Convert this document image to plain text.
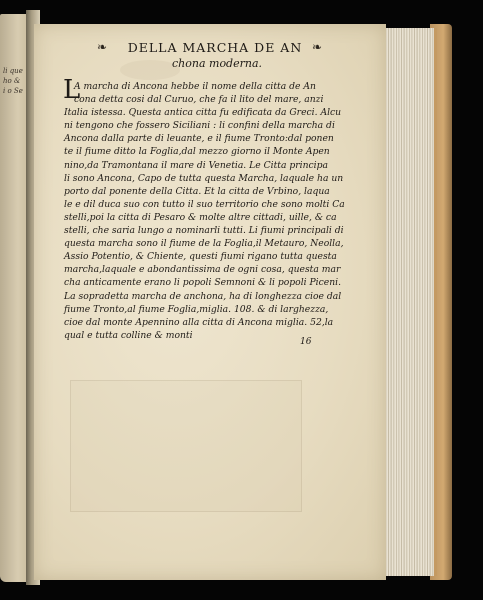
li que
ho &
i o Se
❧	DELLA MARCHA DE AN ❧
chona moderna.
L
A marcha di Ancona hebbe il nome della citta de An
cona detta cosi dal Curuo, che fa il lito del mare, anzi
Italia istessa. Questa antica citta fu edificata da Greci. Alcu
ni tengono che fossero Siciliani : li confini della marcha di
Ancona dalla parte di leuante, e il fiume Tronto:dal ponen
te il fiume ditto la Foglia,dal mezzo giorno il Monte Apen
nino,da Tramontana il mare di Venetia. Le Citta principa
li sono Ancona, Capo de tutta questa Marcha, laquale ha un
porto dal ponente della Citta. Et la citta de Vrbino, laqua
le e dil duca suo con tutto il suo territorio che sono molti Ca
stelli,poi la citta di Pesaro & molte altre cittadi, uille, & ca
stelli, che saria lungo a nominarli tutti. Li fiumi principali di
questa marcha sono il fiume de la Foglia,il Metauro, Neolla,
Assio Potentio, & Chiente, questi fiumi rigano tutta questa
marcha,laquale e abondantissima de ogni cosa, questa mar
cha anticamente erano li popoli Semnoni & li popoli Piceni.
La sopradetta marcha de anchona, ha di longhezza cioe dal
fiume Tronto,al fiume Foglia,miglia. 108. & di larghezza,
cioe dal monte Apennino alla citta di Ancona miglia. 52,la
qual e tutta colline & monti
16
